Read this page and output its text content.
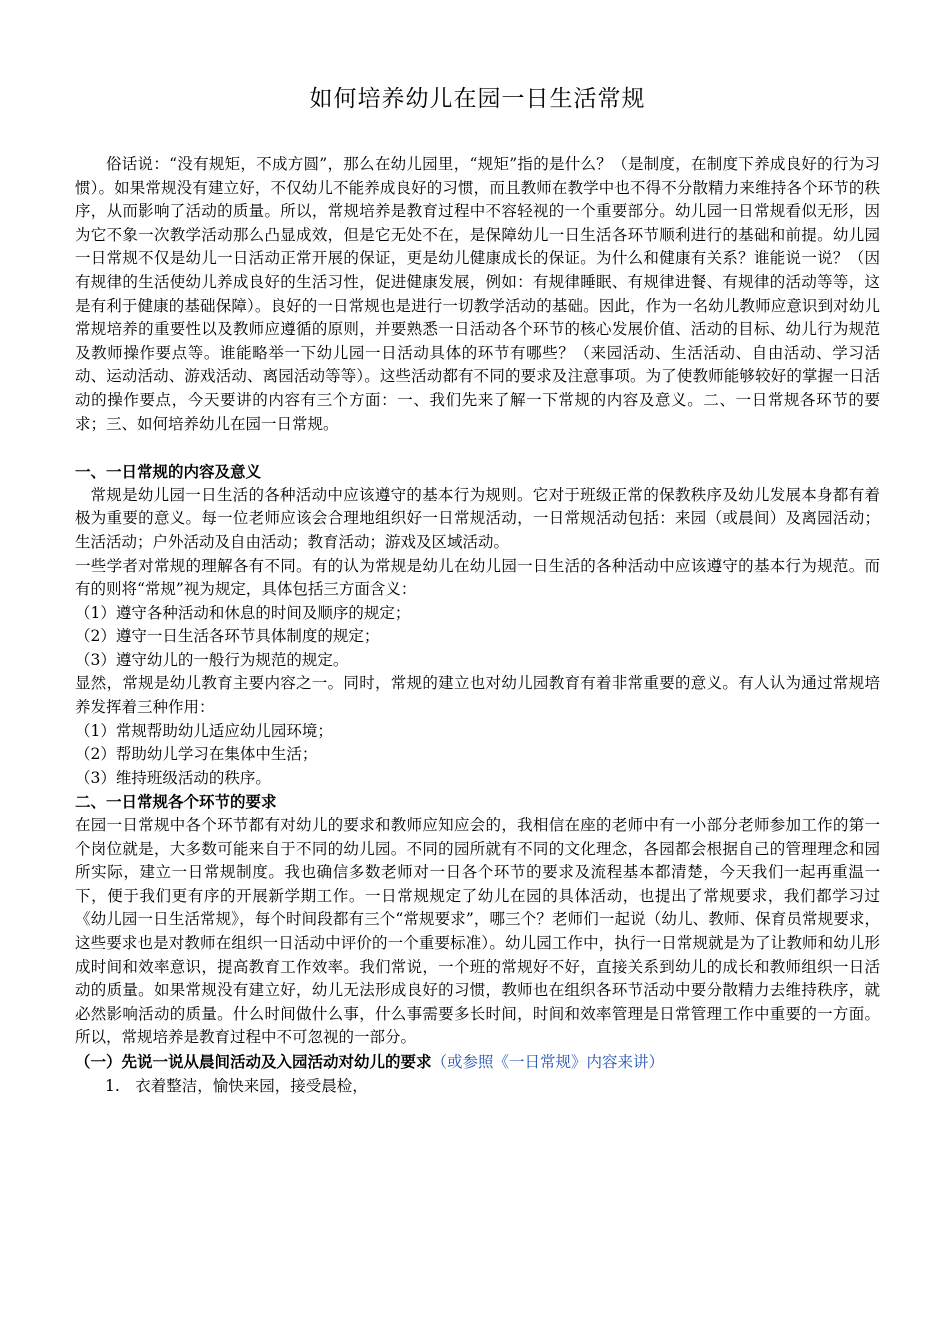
如何培养幼儿在园一日生活常规

俗话说：“没有规矩，不成方圆”，那么在幼儿园里，“规矩”指的是什么？（是制度，在制度下养成良好的行为习惯）。如果常规没有建立好，不仅幼儿不能养成良好的习惯，而且教师在教学中也不得不分散精力来维持各个环节的秩序，从而影响了活动的质量。所以，常规培养是教育过程中不容轻视的一个重要部分。幼儿园一日常规看似无形，因为它不象一次教学活动那么凸显成效，但是它无处不在，是保障幼儿一日生活各环节顺利进行的基础和前提。幼儿园一日常规不仅是幼儿一日活动正常开展的保证，更是幼儿健康成长的保证。为什么和健康有关系？谁能说一说？（因有规律的生活使幼儿养成良好的生活习性，促进健康发展，例如：有规律睡眠、有规律进餐、有规律的活动等等，这是有利于健康的基础保障）。良好的一日常规也是进行一切教学活动的基础。因此，作为一名幼儿教师应意识到对幼儿常规培养的重要性以及教师应遵循的原则，并要熟悉一日活动各个环节的核心发展价值、活动的目标、幼儿行为规范及教师操作要点等。谁能略举一下幼儿园一日活动具体的环节有哪些？（来园活动、生活活动、自由活动、学习活动、运动活动、游戏活动、离园活动等等）。这些活动都有不同的要求及注意事项。为了使教师能够较好的掌握一日活动的操作要点，今天要讲的内容有三个方面：一、我们先来了解一下常规的内容及意义。二、一日常规各环节的要求；三、如何培养幼儿在园一日常规。

一、一日常规的内容及意义

常规是幼儿园一日生活的各种活动中应该遵守的基本行为规则。它对于班级正常的保教秩序及幼儿发展本身都有着极为重要的意义。每一位老师应该会合理地组织好一日常规活动，一日常规活动包括：来园（或晨间）及离园活动；生活活动；户外活动及自由活动；教育活动；游戏及区域活动。

一些学者对常规的理解各有不同。有的认为常规是幼儿在幼儿园一日生活的各种活动中应该遵守的基本行为规范。而有的则将“常规”视为规定，具体包括三方面含义：

（1）遵守各种活动和休息的时间及顺序的规定；

（2）遵守一日生活各环节具体制度的规定；

（3）遵守幼儿的一般行为规范的规定。

显然，常规是幼儿教育主要内容之一。同时，常规的建立也对幼儿园教育有着非常重要的意义。有人认为通过常规培养发挥着三种作用：

（1）常规帮助幼儿适应幼儿园环境；

（2）帮助幼儿学习在集体中生活；

（3）维持班级活动的秩序。

二、一日常规各个环节的要求

在园一日常规中各个环节都有对幼儿的要求和教师应知应会的，我相信在座的老师中有一小部分老师参加工作的第一个岗位就是，大多数可能来自于不同的幼儿园。不同的园所就有不同的文化理念，各园都会根据自己的管理理念和园所实际，建立一日常规制度。我也确信多数老师对一日各个环节的要求及流程基本都清楚，今天我们一起再重温一下，便于我们更有序的开展新学期工作。一日常规规定了幼儿在园的具体活动，也提出了常规要求，我们都学习过《幼儿园一日生活常规》，每个时间段都有三个“常规要求”，哪三个？老师们一起说（幼儿、教师、保育员常规要求，这些要求也是对教师在组织一日活动中评价的一个重要标准）。幼儿园工作中，执行一日常规就是为了让教师和幼儿形成时间和效率意识，提高教育工作效率。我们常说，一个班的常规好不好，直接关系到幼儿的成长和教师组织一日活动的质量。如果常规没有建立好，幼儿无法形成良好的习惯，教师也在组织各环节活动中要分散精力去维持秩序，就必然影响活动的质量。什么时间做什么事，什么事需要多长时间，时间和效率管理是日常管理工作中重要的一方面。所以，常规培养是教育过程中不可忽视的一部分。

（一）先说一说从晨间活动及入园活动对幼儿的要求（或参照《一日常规》内容来讲）

1.　衣着整洁，愉快来园，接受晨检，
